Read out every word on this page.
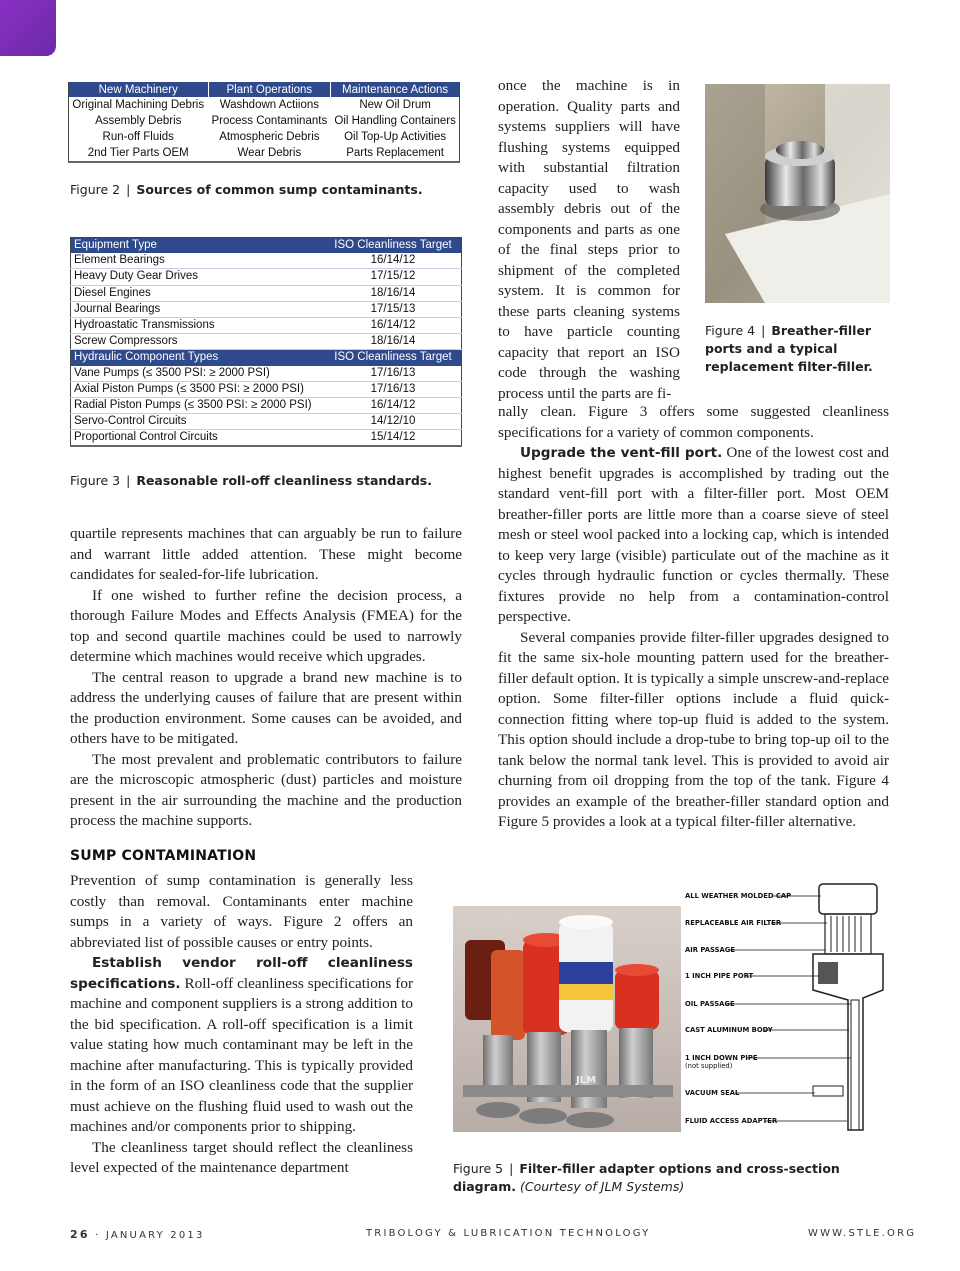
New Machinery	Plant Operations	Maintenance Actions
Original Machining Debris	Washdown Actiions	New Oil Drum
Assembly Debris	Process Contaminants	Oil Handling Containers
Run-off Fluids	Atmospheric Debris	Oil Top-Up Activities
2nd Tier Parts OEM	Wear Debris	Parts Replacement
Figure 2 | Sources of common sump contaminants.
Equipment Type	ISO Cleanliness Target
Element Bearings	16/14/12
Heavy Duty Gear Drives	17/15/12
Diesel Engines	18/16/14
Journal Bearings	17/15/13
Hydroastatic Transmissions	16/14/12
Screw Compressors	18/16/14
Hydraulic Component Types	ISO Cleanliness Target
Vane Pumps (≤ 3500 PSI: ≥ 2000 PSI)	17/16/13
Axial Piston Pumps (≤ 3500 PSI: ≥ 2000 PSI)	17/16/13
Radial Piston Pumps (≤ 3500 PSI: ≥ 2000 PSI)	16/14/12
Servo-Control Circuits	14/12/10
Proportional Control Circuits	15/14/12
Figure 3 | Reasonable roll-off cleanliness standards.

quartile represents machines that can arguably be run to failure and warrant little added attention. These might become candidates for sealed-for-life lubrication.

If one wished to further refine the decision process, a thorough Failure Modes and Effects Analysis (FMEA) for the top and second quartile machines could be used to narrowly determine which machines would receive which upgrades.

The central reason to upgrade a brand new machine is to address the underlying causes of failure that are present within the production environment. Some causes can be avoided, and others have to be mitigated.

The most prevalent and problematic contributors to failure are the microscopic atmospheric (dust) particles and moisture present in the air surrounding the machine and the production process the machine supports.

SUMP CONTAMINATION

Prevention of sump contamination is generally less costly than removal. Contaminants enter machine sumps in a variety of ways. Figure 2 offers an abbreviated list of possible causes or entry points.

Establish vendor roll-off cleanliness specifications. Roll-off cleanliness specifications for machine and component suppliers is a strong addition to the bid specification. A roll-off specification is a limit value stating how much contaminant may be left in the machine after manufacturing. This is typically provided in the form of an ISO cleanliness code that the supplier must achieve on the flushing fluid used to wash out the machines and/or components prior to shipping.

The cleanliness target should reflect the cleanliness level expected of the maintenance department

once the machine is in operation. Quality parts and systems suppliers will have flushing systems equipped with substantial filtration capacity used to wash assembly debris out of the components and parts as one of the final steps prior to shipment of the completed system. It is common for these parts cleaning systems to have particle counting capacity that report an ISO code through the washing process until the parts are fi-

Figure 4 | Breather-filler ports and a typical replacement filter-filler.

nally clean. Figure 3 offers some suggested cleanliness specifications for a variety of common components.

Upgrade the vent-fill port. One of the lowest cost and highest benefit upgrades is accomplished by trading out the standard vent-fill port with a filter-filler port. Most OEM breather-filler ports are little more than a coarse sieve of steel mesh or steel wool packed into a locking cap, which is intended to keep very large (visible) particulate out of the machine as it cycles through hydraulic function or cycles thermally. These fixtures provide no help from a contamination-control perspective.

Several companies provide filter-filler upgrades designed to fit the same six-hole mounting pattern used for the breather-filler default option. It is typically a simple unscrew-and-replace option. Some filter-filler options include a fluid quick-connection fitting where top-up fluid is added to the system. This option should include a drop-tube to bring top-up oil to the tank below the normal tank level. This is provided to avoid air churning from oil dropping from the top of the tank. Figure 4 provides an example of the breather-filler standard option and Figure 5 provides a look at a typical filter-filler alternative.

JLM
ALL WEATHER MOLDED CAP
REPLACEABLE AIR FILTER
AIR PASSAGE
1 INCH PIPE PORT
OIL PASSAGE
CAST ALUMINUM BODY
1 INCH DOWN PIPE
(not supplied)
VACUUM SEAL
FLUID ACCESS ADAPTER
Figure 5 | Filter-filler adapter options and cross-section diagram. (Courtesy of JLM Systems)
26 · JANUARY 2013	TRIBOLOGY & LUBRICATION TECHNOLOGY	WWW.STLE.ORG
